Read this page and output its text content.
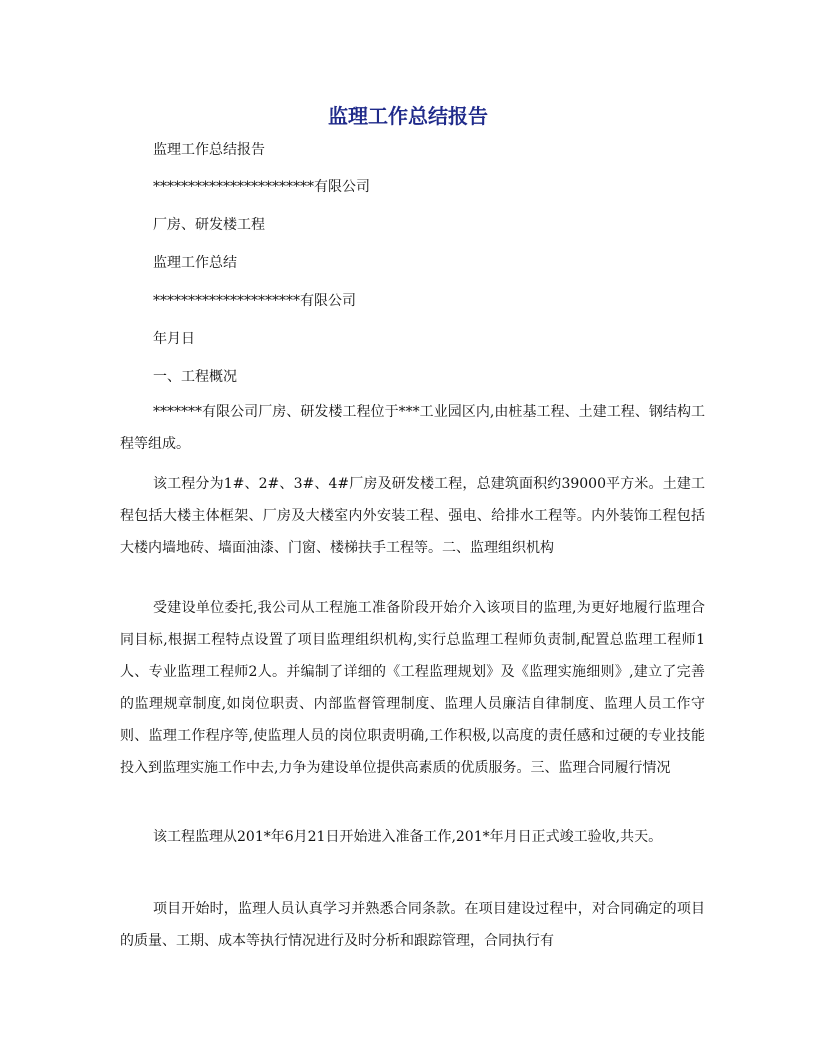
监理工作总结报告

监理工作总结报告

***********************有限公司

厂房、研发楼工程

监理工作总结

*********************有限公司

年月日

一、工程概况

*******有限公司厂房、研发楼工程位于***工业园区内,由桩基工程、土建工程、钢结构工程等组成。

该工程分为1#、2#、3#、4#厂房及研发楼工程，总建筑面积约39000平方米。土建工程包括大楼主体框架、厂房及大楼室内外安装工程、强电、给排水工程等。内外装饰工程包括大楼内墙地砖、墙面油漆、门窗、楼梯扶手工程等。二、监理组织机构

受建设单位委托,我公司从工程施工准备阶段开始介入该项目的监理,为更好地履行监理合同目标,根据工程特点设置了项目监理组织机构,实行总监理工程师负责制,配置总监理工程师1人、专业监理工程师2人。并编制了详细的《工程监理规划》及《监理实施细则》,建立了完善的监理规章制度,如岗位职责、内部监督管理制度、监理人员廉洁自律制度、监理人员工作守则、监理工作程序等,使监理人员的岗位职责明确,工作积极,以高度的责任感和过硬的专业技能投入到监理实施工作中去,力争为建设单位提供高素质的优质服务。三、监理合同履行情况

该工程监理从201*年6月21日开始进入准备工作,201*年月日正式竣工验收,共天。

项目开始时，监理人员认真学习并熟悉合同条款。在项目建设过程中，对合同确定的项目的质量、工期、成本等执行情况进行及时分析和跟踪管理，合同执行有
